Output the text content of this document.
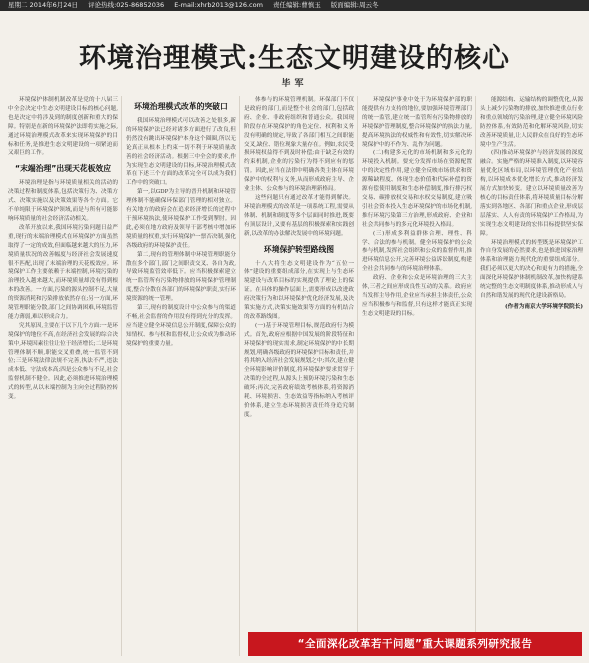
星期二 2014年6月24日 评论热线:025-86852036 E-mail:xhrb2013@126.com 责任编辑:曹慎玉 版面编辑:周云冬
环境治理模式:生态文明建设的核心
毕军

环境保护体制机制改革是党的十八届三中全会决定中生态文明建设目标的核心问题,也是决定中将涉及到的制度创新和重大的保障。特别是在新的环境保护法即将实施之际,通过环境治理模式改革来实现环境保护的目标和任务,是推进生态文明建设的一项紧迫而又艰巨的工作。

“末端治理”出现天花板效应

环境治理是指与环境质量相关的活动的决策过程和制度体系,包括决策行为、决策方式、决策实施以及决策效果等各个方面。它不单纯限于环境保护领域,而是与所有可能影响环境质量的社会经济活动相关。

改革开放以来,我国环境污染问题日益严重,现行的末端治理模式在环境保护方面虽然取得了一定的成效,但面临越来越大的压力,环境质量状况的改善幅度与经济社会发展速度很不匹配,出现了末端治理的天花板效应。环境保护工作主要依赖于末端控制,环境污染的治理投入越来越大,而环境质量却没有得到根本的改善。一方面,污染的源头控制不足,大量的资源消耗和污染排放依然存在;另一方面,环境管理职能分散,部门之间协调困难,环境监管能力薄弱,难以形成合力。

究其原因,主要在于以下几个方面:一是环境保护的地位不高,在经济社会发展的综合决策中,环境因素往往让位于经济增长;二是环境管理体制不顺,职能交叉重叠,统一监管不到位;三是环境法律法规不完善,执法不严,违法成本低、守法成本高;四是公众参与不足,社会监督机制不健全。因此,必须推进环境治理模式的转型,从以末端控制为主向全过程防控转变。

环境治理模式改革的突破口

我国环境治理模式可以改善之处很多,新的环境保护法已经对诸多方面进行了改良,但仍然没有跳出环境保护本身这个圈圈,所以无论真正从根本上约束一切不利于环境质量改善的社会经济活动。根据三中全会的要求,作为实现生态文明建设的目标,环境治理模式改革在下述三个方面的改革完全可以成为我们工作中的突破口。

第一,以GDP为主导的晋升机制和环境管理体制不能确保环保部门管理的相对独立。有关地方的政府会在追求经济增长的过程中干预环境执法,使环境保护工作受到掣肘。因此,必须在地方政府及领导干部考核中增加环境质量的权重,实行环境保护一票否决制,强化各级政府的环境保护责任。

第二,现有的管理体制中环境管理职能分散在多个部门,部门之间职责交叉、各自为政,导致环境监管效率低下。应当积极探索建立统一监管所有污染物排放的环境保护管理制度,整合分散在各部门的环境保护职责,实行环境资源的统一管理。

第三,现有的制度设计中公众参与的渠道不畅,社会监督的作用没有得到充分的发挥。应当建立健全环境信息公开制度,保障公众的知情权、参与权和监督权,让公众成为推动环境保护的重要力量。

体参与的环境管理机制。环保部门不仅是政府的部门,而是整个社会的部门,包括政府、企业、非政府组织和普通公众。我国现阶段存在环境保护的角色定位、权利和义务没有明确的规定,导致了各部门相互之间职能交叉,缺位、错位现象大量存在。例如,农民受损环境权益得不到及时补偿;由于缺乏有效的约束机制,企业的污染行为得不到应有的惩罚。因此,应当在法律中明确各类主体在环境保护中的权利与义务,从而形成政府主导、企业主体、公众参与的环境治理新格局。

这些问题只有通过改革才能得到解决。环境治理模式的改革是一项系统工程,需要从体制、机制和制度等多个层面同时推进,既要有顶层设计,又要有基层的积极探索和实践创新,以改革的办法解决发展中的环境问题。

环境保护转型路线图

十八大将生态文明建设作为“五位一体”建设的重要组成部分,在实现上与生态环境建设与改革目标的实现提供了理论上的保证。在具体的操作层面上,需要形成以改进政府决策行为和以环境保护优化经济发展,及决策实施方式,决策实施效果等方面的有机结合的改革路线图。

(一)基于环境管理目标,规范政府行为模式。首先,政府应根据中国发展的阶段特征和环境保护的现实需求,制定环境保护的中长期规划,明确各级政府的环境保护目标和责任,并将其纳入经济社会发展规划之中;其次,建立健全环境影响评价制度,将环境保护要求贯穿于决策的全过程,从源头上预防环境污染和生态破坏;再次,完善政府绩效考核体系,将资源消耗、环境损害、生态效益等指标纳入考核评价体系,建立生态环境损害责任终身追究制度。

环境保护事业中处于为环境保护部的职能提供有力支持的地位,要加强环境管理部门的统一监管,建立统一监管所有污染物排放的环境保护管理制度,整合环境保护的执法力量,提高环境执法的权威性和有效性,切实解决环境保护中的不作为、乱作为问题。

(二)构建多元化的市场机制和多元化的环境投入机制。要充分发挥市场在资源配置中的决定性作用,建立健全反映市场供求和资源稀缺程度、体现生态价值和代际补偿的资源有偿使用制度和生态补偿制度,推行排污权交易、碳排放权交易和水权交易制度,建立吸引社会资本投入生态环境保护的市场化机制,推行环境污染第三方治理,形成政府、企业和社会共同参与的多元化环境投入格局。

(三)形成多利益群体合理、理性、科学、合法的参与机制。健全环境保护的公众参与机制,发挥社会组织和公众的监督作用,推进环境信息公开,完善环境公益诉讼制度,构建全社会共同参与的环境治理体系。

政府、企业和公众是环境治理的三大主体,三者之间应形成良性互动的关系。政府应当发挥主导作用,企业应当承担主体责任,公众应当积极参与和监督,只有这样才能真正实现生态文明建设的目标。

能源结构、运输结构的调整优化,从源头上减少污染物的排放,加快推进重点行业和重点领域的污染治理,建立健全环境风险防控体系,有效防范和化解环境风险,切实改善环境质量,让人民群众在良好的生态环境中生产生活。

(四)推动环境保护与经济发展的深度融合。实施严格的环境准入制度,以环境容量优化区域布局,以环境管理优化产业结构,以环境成本优化增长方式,推动经济发展方式加快转变。建立以环境质量改善为核心的目标责任体系,将环境质量目标分解落实到各地区、各部门和重点企业,形成层层落实、人人有责的环境保护工作格局,为实现生态文明建设的宏伟目标提供坚实保障。

环境治理模式的转型既是环境保护工作自身发展的必然要求,也是推进国家治理体系和治理能力现代化的重要组成部分。我们必须以更大的决心和更有力的措施,全面深化环境保护体制机制改革,加快构建系统完整的生态文明制度体系,推动形成人与自然和谐发展的现代化建设新格局。

(作者为南京大学环境学院院长)
“全面深化改革若干问题”重大课题系列研究报告
